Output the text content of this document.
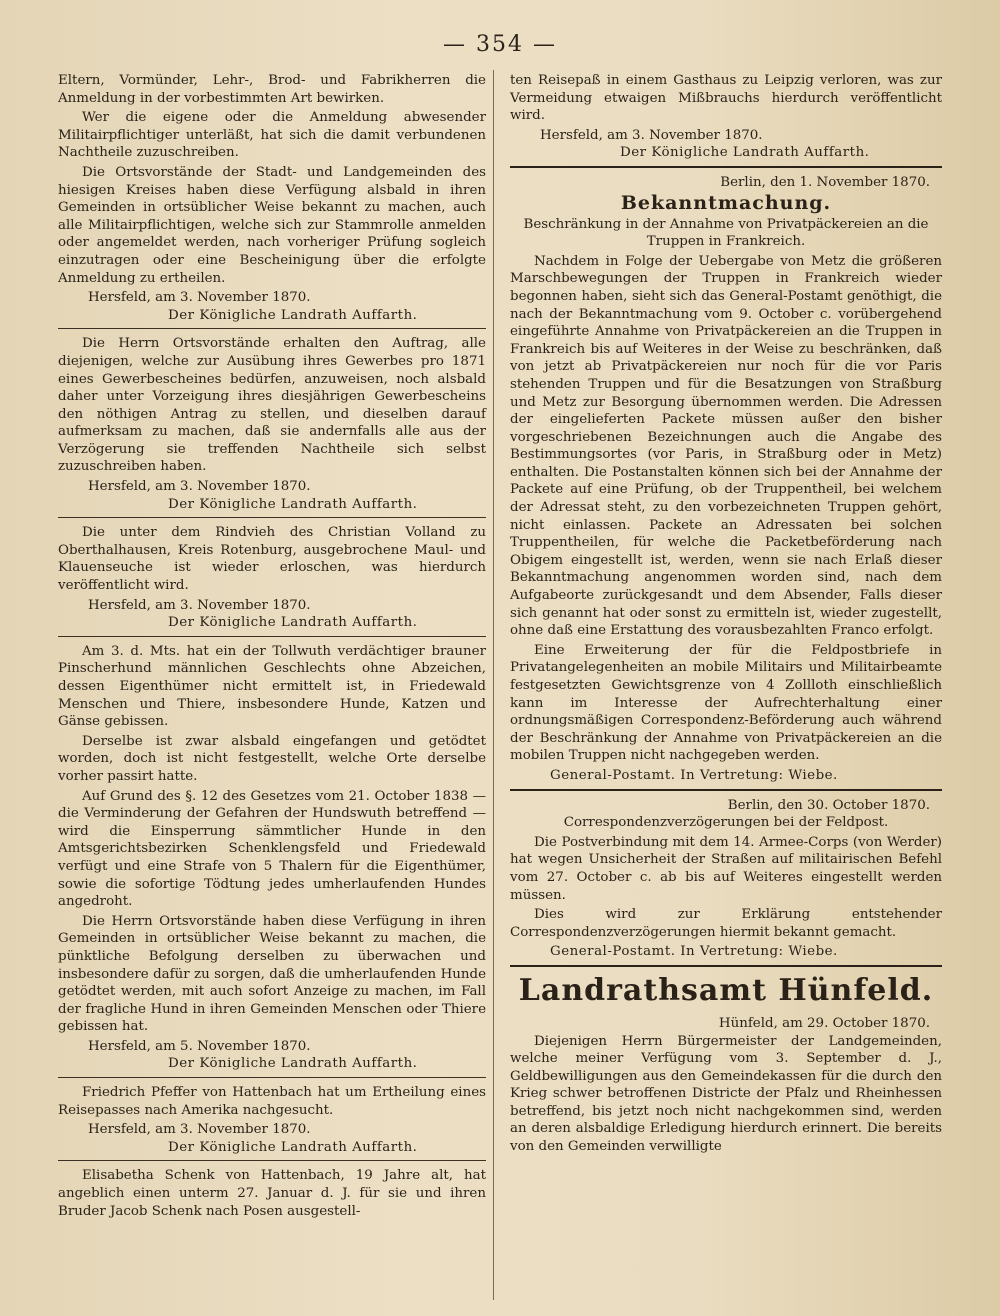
— 354 —

Eltern, Vormünder, Lehr-, Brod- und Fabrikherren die Anmeldung in der vorbestimmten Art bewirken.

Wer die eigene oder die Anmeldung abwesender Militairpflichtiger unterläßt, hat sich die damit verbundenen Nachtheile zuzuschreiben.

Die Ortsvorstände der Stadt- und Landgemeinden des hiesigen Kreises haben diese Verfügung alsbald in ihren Gemeinden in ortsüblicher Weise bekannt zu machen, auch alle Militairpflichtigen, welche sich zur Stammrolle anmelden oder angemeldet werden, nach vorheriger Prüfung sogleich einzutragen oder eine Bescheinigung über die erfolgte Anmeldung zu ertheilen.

Hersfeld, am 3. November 1870.
Der Königliche Landrath Auffarth.

Die Herrn Ortsvorstände erhalten den Auftrag, alle diejenigen, welche zur Ausübung ihres Gewerbes pro 1871 eines Gewerbescheines bedürfen, anzuweisen, noch alsbald daher unter Vorzeigung ihres diesjährigen Gewerbescheins den nöthigen Antrag zu stellen, und dieselben darauf aufmerksam zu machen, daß sie andernfalls alle aus der Verzögerung sie treffenden Nachtheile sich selbst zuzuschreiben haben.

Hersfeld, am 3. November 1870.
Der Königliche Landrath Auffarth.

Die unter dem Rindvieh des Christian Volland zu Oberthalhausen, Kreis Rotenburg, ausgebrochene Maul- und Klauenseuche ist wieder erloschen, was hierdurch veröffentlicht wird.

Hersfeld, am 3. November 1870.
Der Königliche Landrath Auffarth.

Am 3. d. Mts. hat ein der Tollwuth verdächtiger brauner Pinscherhund männlichen Geschlechts ohne Abzeichen, dessen Eigenthümer nicht ermittelt ist, in Friedewald Menschen und Thiere, insbesondere Hunde, Katzen und Gänse gebissen.

Derselbe ist zwar alsbald eingefangen und getödtet worden, doch ist nicht festgestellt, welche Orte derselbe vorher passirt hatte.

Auf Grund des §. 12 des Gesetzes vom 21. October 1838 — die Verminderung der Gefahren der Hundswuth betreffend — wird die Einsperrung sämmtlicher Hunde in den Amtsgerichtsbezirken Schenklengsfeld und Friedewald verfügt und eine Strafe von 5 Thalern für die Eigenthümer, sowie die sofortige Tödtung jedes umherlaufenden Hundes angedroht.

Die Herrn Ortsvorstände haben diese Verfügung in ihren Gemeinden in ortsüblicher Weise bekannt zu machen, die pünktliche Befolgung derselben zu überwachen und insbesondere dafür zu sorgen, daß die umherlaufenden Hunde getödtet werden, mit auch sofort Anzeige zu machen, im Fall der fragliche Hund in ihren Gemeinden Menschen oder Thiere gebissen hat.

Hersfeld, am 5. November 1870.
Der Königliche Landrath Auffarth.

Friedrich Pfeffer von Hattenbach hat um Ertheilung eines Reisepasses nach Amerika nachgesucht.

Hersfeld, am 3. November 1870.
Der Königliche Landrath Auffarth.

Elisabetha Schenk von Hattenbach, 19 Jahre alt, hat angeblich einen unterm 27. Januar d. J. für sie und ihren Bruder Jacob Schenk nach Posen ausgestell-

ten Reisepaß in einem Gasthaus zu Leipzig verloren, was zur Vermeidung etwaigen Mißbrauchs hierdurch veröffentlicht wird.

Hersfeld, am 3. November 1870.
Der Königliche Landrath Auffarth.
Berlin, den 1. November 1870.
Bekanntmachung.
Beschränkung in der Annahme von Privatpäckereien an die Truppen in Frankreich.

Nachdem in Folge der Uebergabe von Metz die größeren Marschbewegungen der Truppen in Frankreich wieder begonnen haben, sieht sich das General-Postamt genöthigt, die nach der Bekanntmachung vom 9. October c. vorübergehend eingeführte Annahme von Privatpäckereien an die Truppen in Frankreich bis auf Weiteres in der Weise zu beschränken, daß von jetzt ab Privatpäckereien nur noch für die vor Paris stehenden Truppen und für die Besatzungen von Straßburg und Metz zur Besorgung übernommen werden. Die Adressen der eingelieferten Packete müssen außer den bisher vorgeschriebenen Bezeichnungen auch die Angabe des Bestimmungsortes (vor Paris, in Straßburg oder in Metz) enthalten. Die Postanstalten können sich bei der Annahme der Packete auf eine Prüfung, ob der Truppentheil, bei welchem der Adressat steht, zu den vorbezeichneten Truppen gehört, nicht einlassen. Packete an Adressaten bei solchen Truppentheilen, für welche die Packetbeförderung nach Obigem eingestellt ist, werden, wenn sie nach Erlaß dieser Bekanntmachung angenommen worden sind, nach dem Aufgabeorte zurückgesandt und dem Absender, Falls dieser sich genannt hat oder sonst zu ermitteln ist, wieder zugestellt, ohne daß eine Erstattung des vorausbezahlten Franco erfolgt.

Eine Erweiterung der für die Feldpostbriefe in Privatangelegenheiten an mobile Militairs und Militairbeamte festgesetzten Gewichtsgrenze von 4 Zollloth einschließlich kann im Interesse der Aufrechterhaltung einer ordnungsmäßigen Correspondenz-Beförderung auch während der Beschränkung der Annahme von Privatpäckereien an die mobilen Truppen nicht nachgegeben werden.

General-Postamt. In Vertretung: Wiebe.
Berlin, den 30. October 1870.
Correspondenzverzögerungen bei der Feldpost.

Die Postverbindung mit dem 14. Armee-Corps (von Werder) hat wegen Unsicherheit der Straßen auf militairischen Befehl vom 27. October c. ab bis auf Weiteres eingestellt werden müssen.

Dies wird zur Erklärung entstehender Correspondenzverzögerungen hiermit bekannt gemacht.

General-Postamt. In Vertretung: Wiebe.
Landrathsamt Hünfeld.
Hünfeld, am 29. October 1870.

Diejenigen Herrn Bürgermeister der Landgemeinden, welche meiner Verfügung vom 3. September d. J., Geldbewilligungen aus den Gemeindekassen für die durch den Krieg schwer betroffenen Districte der Pfalz und Rheinhessen betreffend, bis jetzt noch nicht nachgekommen sind, werden an deren alsbaldige Erledigung hierdurch erinnert. Die bereits von den Gemeinden verwilligte
